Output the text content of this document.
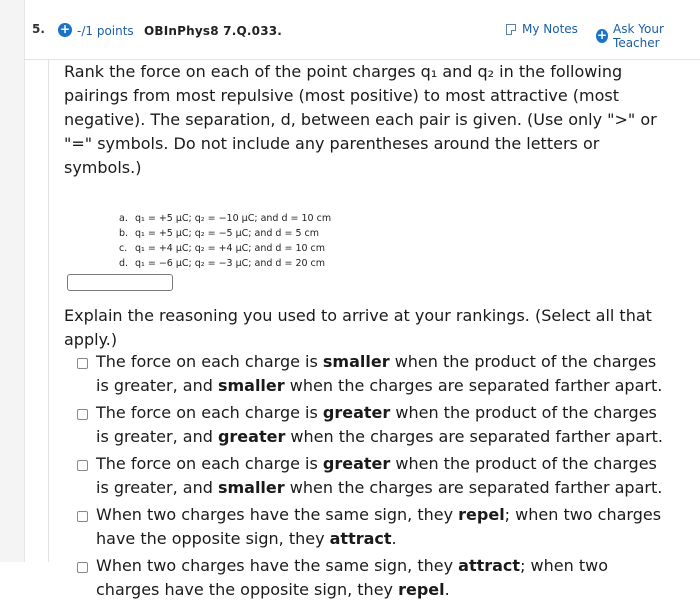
5. + -/1 points OBInPhys8 7.Q.033.	My Notes + Ask Your Teacher

Rank the force on each of the point charges q₁ and q₂ in the following pairings from most repulsive (most positive) to most attractive (most negative). The separation, d, between each pair is given. (Use only ">" or "=" symbols. Do not include any parentheses around the letters or symbols.)

a. q₁ = +5 μC; q₂ = −10 μC; and d = 10 cm
b. q₁ = +5 μC; q₂ = −5 μC; and d = 5 cm
c. q₁ = +4 μC; q₂ = +4 μC; and d = 10 cm
d. q₁ = −6 μC; q₂ = −3 μC; and d = 20 cm
Explain the reasoning you used to arrive at your rankings. (Select all that apply.)
The force on each charge is smaller when the product of the charges is greater, and smaller when the charges are separated farther apart.
The force on each charge is greater when the product of the charges is greater, and greater when the charges are separated farther apart.
The force on each charge is greater when the product of the charges is greater, and smaller when the charges are separated farther apart.
When two charges have the same sign, they repel; when two charges have the opposite sign, they attract.
When two charges have the same sign, they attract; when two charges have the opposite sign, they repel.
